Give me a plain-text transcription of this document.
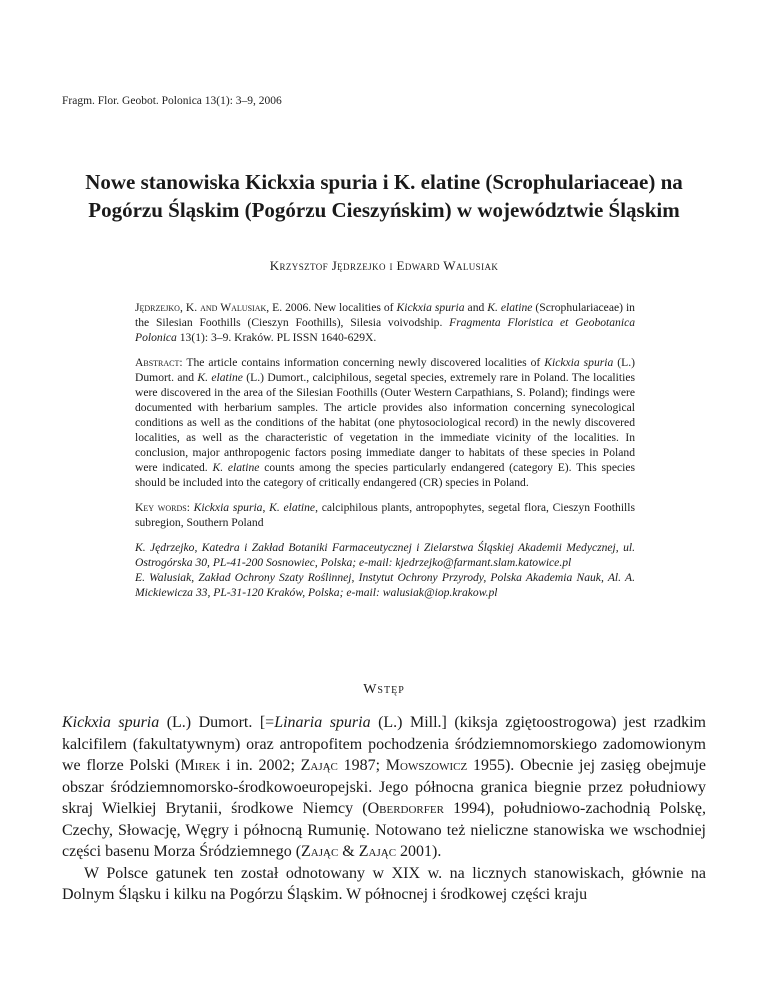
Fragm. Flor. Geobot. Polonica 13(1): 3–9, 2006
Nowe stanowiska Kickxia spuria i K. elatine (Scrophulariaceae) na
Pogórzu Śląskim (Pogórzu Cieszyńskim) w województwie Śląskim
Krzysztof Jędrzejko i Edward Walusiak

Jędrzejko, K. and Walusiak, E. 2006. New localities of Kickxia spuria and K. elatine (Scrophulariaceae) in the Silesian Foothills (Cieszyn Foothills), Silesia voivodship. Fragmenta Floristica et Geobotanica Polonica 13(1): 3–9. Kraków. PL ISSN 1640-629X.

Abstract: The article contains information concerning newly discovered localities of Kickxia spuria (L.) Dumort. and K. elatine (L.) Dumort., calciphilous, segetal species, extremely rare in Poland. The localities were discovered in the area of the Silesian Foothills (Outer Western Carpathians, S. Poland); findings were documented with herbarium samples. The article provides also information concerning synecological conditions as well as the conditions of the habitat (one phytosociological record) in the newly discovered localities, as well as the characteristic of vegetation in the immediate vicinity of the localities. In conclusion, major anthropogenic factors posing immediate danger to habitats of these species in Poland were indicated. K. elatine counts among the species particularly endangered (category E). This species should be included into the category of critically endangered (CR) species in Poland.

Key words: Kickxia spuria, K. elatine, calciphilous plants, antropophytes, segetal flora, Cieszyn Foothills subregion, Southern Poland

K. Jędrzejko, Katedra i Zakład Botaniki Farmaceutycznej i Zielarstwa Śląskiej Akademii Medycznej, ul. Ostrogórska 30, PL-41-200 Sosnowiec, Polska; e-mail: kjedrzejko@farmant.slam.katowice.pl

E. Walusiak, Zakład Ochrony Szaty Roślinnej, Instytut Ochrony Przyrody, Polska Akademia Nauk, Al. A. Mickiewicza 33, PL-31-120 Kraków, Polska; e-mail: walusiak@iop.krakow.pl

Wstęp

Kickxia spuria (L.) Dumort. [=Linaria spuria (L.) Mill.] (kiksja zgiętoostrogowa) jest rzadkim kalcifilem (fakultatywnym) oraz antropofitem pochodzenia śródziemnomorskiego zadomowionym we florze Polski (Mirek i in. 2002; Zając 1987; Mowszowicz 1955). Obecnie jej zasięg obejmuje obszar śródziemnomorsko-środkowoeuropejski. Jego północna granica biegnie przez południowy skraj Wielkiej Brytanii, środkowe Niemcy (Oberdorfer 1994), południowo-zachodnią Polskę, Czechy, Słowację, Węgry i północną Rumunię. Notowano też nieliczne stanowiska we wschodniej części basenu Morza Śródziemnego (Zając & Zając 2001).

W Polsce gatunek ten został odnotowany w XIX w. na licznych stanowiskach, głównie na Dolnym Śląsku i kilku na Pogórzu Śląskim. W północnej i środkowej części kraju
